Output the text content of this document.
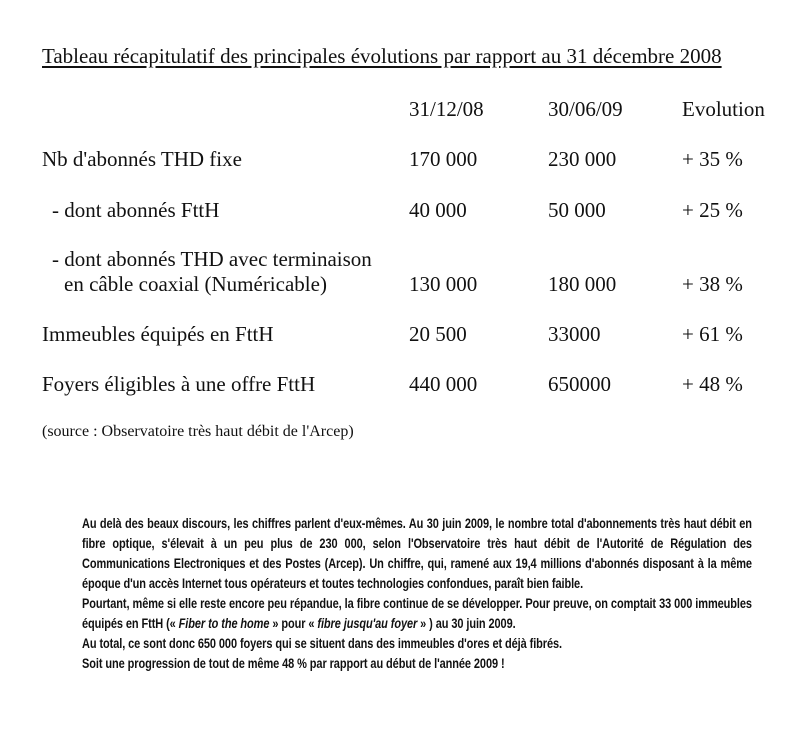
Tableau récapitulatif des principales évolutions par rapport au 31 décembre 2008
31/12/08	30/06/09	Evolution
Nb d'abonnés THD fixe	170 000	230 000	+ 35 %
- dont abonnés FttH	40 000	50 000	+ 25 %
- dont abonnés THD avec terminaison
en câble coaxial (Numéricable)	130 000	180 000	+ 38 %
Immeubles équipés en FttH	20 500	33000	+ 61 %
Foyers éligibles à une offre FttH	440 000	650000	+ 48 %
(source : Observatoire très haut débit de l'Arcep)

Au delà des beaux discours, les chiffres parlent d'eux-mêmes. Au 30 juin 2009, le nombre total d'abonnements très haut débit en fibre optique, s'élevait à un peu plus de 230 000, selon l'Observatoire très haut débit de l'Autorité de Régulation des Communications Electroniques et des Postes (Arcep). Un chiffre, qui, ramené aux 19,4 millions d'abonnés disposant à la même époque d'un accès Internet tous opérateurs et toutes technologies confondues, paraît bien faible.

Pourtant, même si elle reste encore peu répandue, la fibre continue de se développer. Pour preuve, on comptait 33 000 immeubles équipés en FttH (« Fiber to the home » pour « fibre jusqu'au foyer » ) au 30 juin 2009.

Au total, ce sont donc 650 000 foyers qui se situent dans des immeubles d'ores et déjà fibrés.

Soit une progression de tout de même 48 % par rapport au début de l'année 2009 !
